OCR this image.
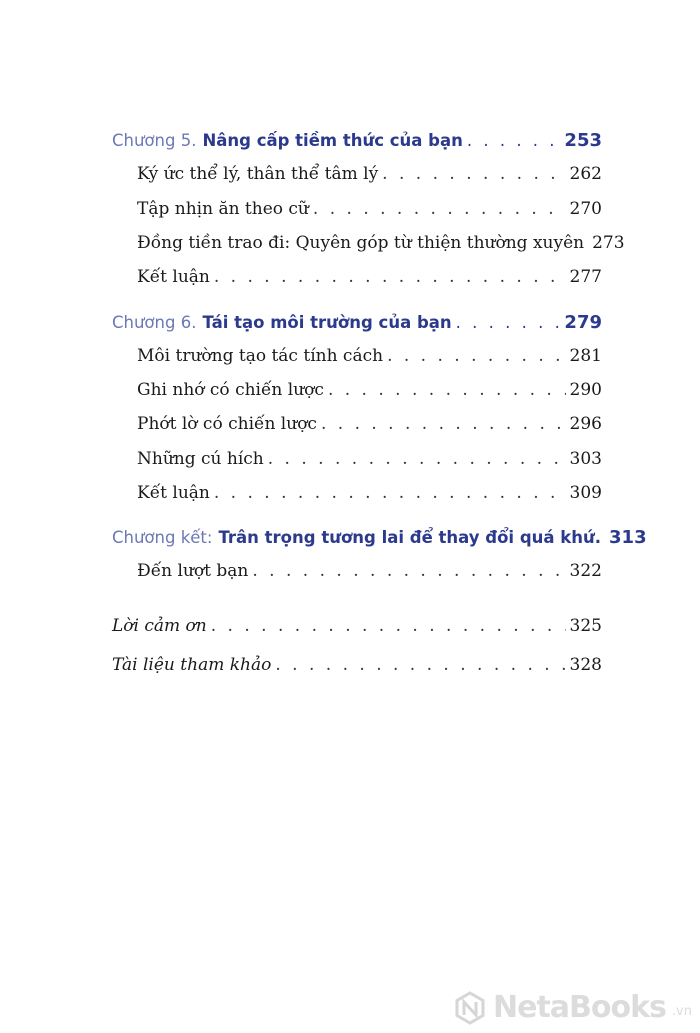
Chương 5. Nâng cấp tiềm thức của bạn . . .	253
Ký ức thể lý, thân thể tâm lý . . .	262
Tập nhịn ăn theo cữ . . .	270
Đồng tiền trao đi: Quyên góp từ thiện thường xuyên 273
Kết luận . . .	277
Chương 6. Tái tạo môi trường của bạn . . .	279
Môi trường tạo tác tính cách . . .	281
Ghi nhớ có chiến lược . . .	290
Phớt lờ có chiến lược . . .	296
Những cú hích . . .	303
Kết luận . . .	309
Chương kết: Trân trọng tương lai để thay đổi quá khứ. 313
Đến lượt bạn . . .	322
Lời cảm ơn . . .	325
Tài liệu tham khảo . . .	328
NetaBooks .vn
